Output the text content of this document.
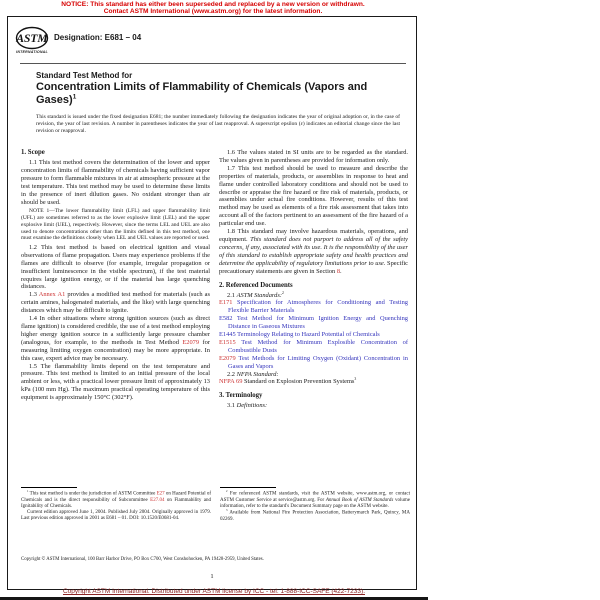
NOTICE: This standard has either been superseded and replaced by a new version or withdrawn.
Contact ASTM International (www.astm.org) for the latest information.
ASTM
INTERNATIONAL
Designation: E681 – 04
Standard Test Method for
Concentration Limits of Flammability of Chemicals (Vapors and Gases)$^1$
This standard is issued under the fixed designation E681; the number immediately following the designation indicates the year of original adoption or, in the case of revision, the year of last revision. A number in parentheses indicates the year of last reapproval. A superscript epsilon (ε) indicates an editorial change since the last revision or reapproval.
1. Scope

1.1 This test method covers the determination of the lower and upper concentration limits of flammability of chemicals having sufficient vapor pressure to form flammable mixtures in air at atmospheric pressure at the test temperature. This test method may be used to determine these limits in the presence of inert dilution gases. No oxidant stronger than air should be used.

NOTE 1—The lower flammability limit (LFL) and upper flammability limit (UFL) are sometimes referred to as the lower explosive limit (LEL) and the upper explosive limit (UEL), respectively. However, since the terms LEL and UEL are also used to denote concentrations other than the limits defined in this test method, one must examine the definitions closely when LEL and UEL values are reported or used.

1.2 This test method is based on electrical ignition and visual observations of flame propagation. Users may experience problems if the flames are difficult to observe (for example, irregular propagation or insufficient luminescence in the visible spectrum), if the test material requires large ignition energy, or if the material has large quenching distances.

1.3 Annex A1 provides a modified test method for materials (such as certain amines, halogenated materials, and the like) with large quenching distances which may be difficult to ignite.

1.4 In other situations where strong ignition sources (such as direct flame ignition) is considered credible, the use of a test method employing higher energy ignition source in a sufficiently large pressure chamber (analogous, for example, to the methods in Test Method E2079 for measuring limiting oxygen concentration) may be more appropriate. In this case, expert advice may be necessary.

1.5 The flammability limits depend on the test temperature and pressure. This test method is limited to an initial pressure of the local ambient or less, with a practical lower pressure limit of approximately 13 kPa (100 mm Hg). The maximum practical operating temperature of this equipment is approximately 150°C (302°F).

1.6 The values stated in SI units are to be regarded as the standard. The values given in parentheses are provided for information only.

1.7 This test method should be used to measure and describe the properties of materials, products, or assemblies in response to heat and flame under controlled laboratory conditions and should not be used to describe or appraise the fire hazard or fire risk of materials, products, or assemblies under actual fire conditions. However, results of this test method may be used as elements of a fire risk assessment that takes into account all of the factors pertinent to an assessment of the fire hazard of a particular end use.

1.8 This standard may involve hazardous materials, operations, and equipment. This standard does not purport to address all of the safety concerns, if any, associated with its use. It is the responsibility of the user of this standard to establish appropriate safety and health practices and determine the applicability of regulatory limitations prior to use. Specific precautionary statements are given in Section 8.

2. Referenced Documents

2.1 ASTM Standards:$^2$

E171 Specification for Atmospheres for Conditioning and Testing Flexible Barrier Materials
E582 Test Method for Minimum Ignition Energy and Quenching Distance in Gaseous Mixtures
E1445 Terminology Relating to Hazard Potential of Chemicals
E1515 Test Method for Minimum Explosible Concentration of Combustible Dusts
E2079 Test Methods for Limiting Oxygen (Oxidant) Concentration in Gases and Vapors

2.2 NFPA Standard:

NFPA 69 Standard on Explosion Prevention Systems$^3$
3. Terminology

3.1 Definitions:

$^1$ This test method is under the jurisdiction of ASTM Committee E27 on Hazard Potential of Chemicals and is the direct responsibility of Subcommittee E27.04 on Flammability and Ignitability of Chemicals.

Current edition approved June 1, 2004. Published July 2004. Originally approved in 1979. Last previous edition approved in 2001 as E681 – 01. DOI: 10.1520/E0681-04.

$^2$ For referenced ASTM standards, visit the ASTM website, www.astm.org, or contact ASTM Customer Service at service@astm.org. For Annual Book of ASTM Standards volume information, refer to the standard's Document Summary page on the ASTM website.

$^3$ Available from National Fire Protection Association, Batterymarch Park, Quincy, MA 02269.

Copyright © ASTM International, 100 Barr Harbor Drive, PO Box C700, West Conshohocken, PA 19428-2959, United States.
1
Copyright ASTM International. Distributed under ASTM license by ICC - tel: 1-888-ICC-SAFE (422-7233).
